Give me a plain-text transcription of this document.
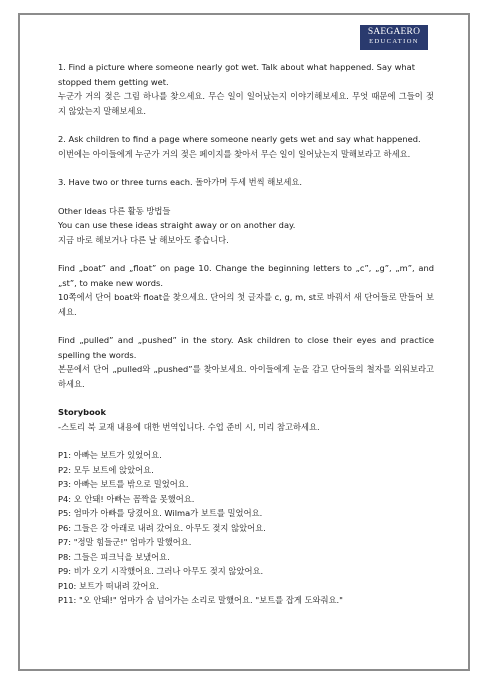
SAEGAERO
EDUCATION

1. Find a picture where someone nearly got wet. Talk about what happened. Say what stopped them getting wet.

누군가 거의 젖은 그림 하나를 찾으세요. 무슨 일이 일어났는지 이야기해보세요. 무엇 때문에 그들이 젖지 않았는지 말해보세요.

2. Ask children to find a page where someone nearly gets wet and say what happened.

이번에는 아이들에게 누군가 거의 젖은 페이지를 찾아서 무슨 일이 일어났는지 말해보라고 하세요.

3. Have two or three turns each. 돌아가며 두세 번씩 해보세요.

Other Ideas 다른 활동 방법들

You can use these ideas straight away or on another day.

지금 바로 해보거나 다른 날 해보아도 좋습니다.

Find „boat” and „float” on page 10. Change the beginning letters to „c”, „g”, „m”, and „st”, to make new words.

10쪽에서 단어 boat와 float을 찾으세요. 단어의 첫 글자를 c, g, m, st로 바꿔서 새 단어들로 만들어 보세요.

Find „pulled” and „pushed” in the story. Ask children to close their eyes and practice spelling the words.

본문에서 단어 „pulled와 „pushed”를 찾아보세요. 아이들에게 눈을 감고 단어들의 철자를 외워보라고 하세요.

Storybook

-스토리 북 교재 내용에 대한 번역입니다. 수업 준비 시, 미리 참고하세요.

P1: 아빠는 보트가 있었어요.

P2: 모두 보트에 앉았어요.

P3: 아빠는 보트를 밖으로 밀었어요.

P4: 오 안돼! 아빠는 꼼짝을 못했어요.

P5: 엄마가 아빠를 당겼어요. Wilma가 보트를 밀었어요.

P6: 그들은 강 아래로 내려 갔어요. 아무도 젖지 않았어요.

P7: "정말 힘들군!" 엄마가 말했어요.

P8: 그들은 피크닉을 보냈어요.

P9: 비가 오기 시작했어요. 그러나 아무도 젖지 않았어요.

P10: 보트가 떠내려 갔어요.

P11: "오 안돼!" 엄마가 숨 넘어가는 소리로 말했어요. "보트를 잡게 도와줘요."
